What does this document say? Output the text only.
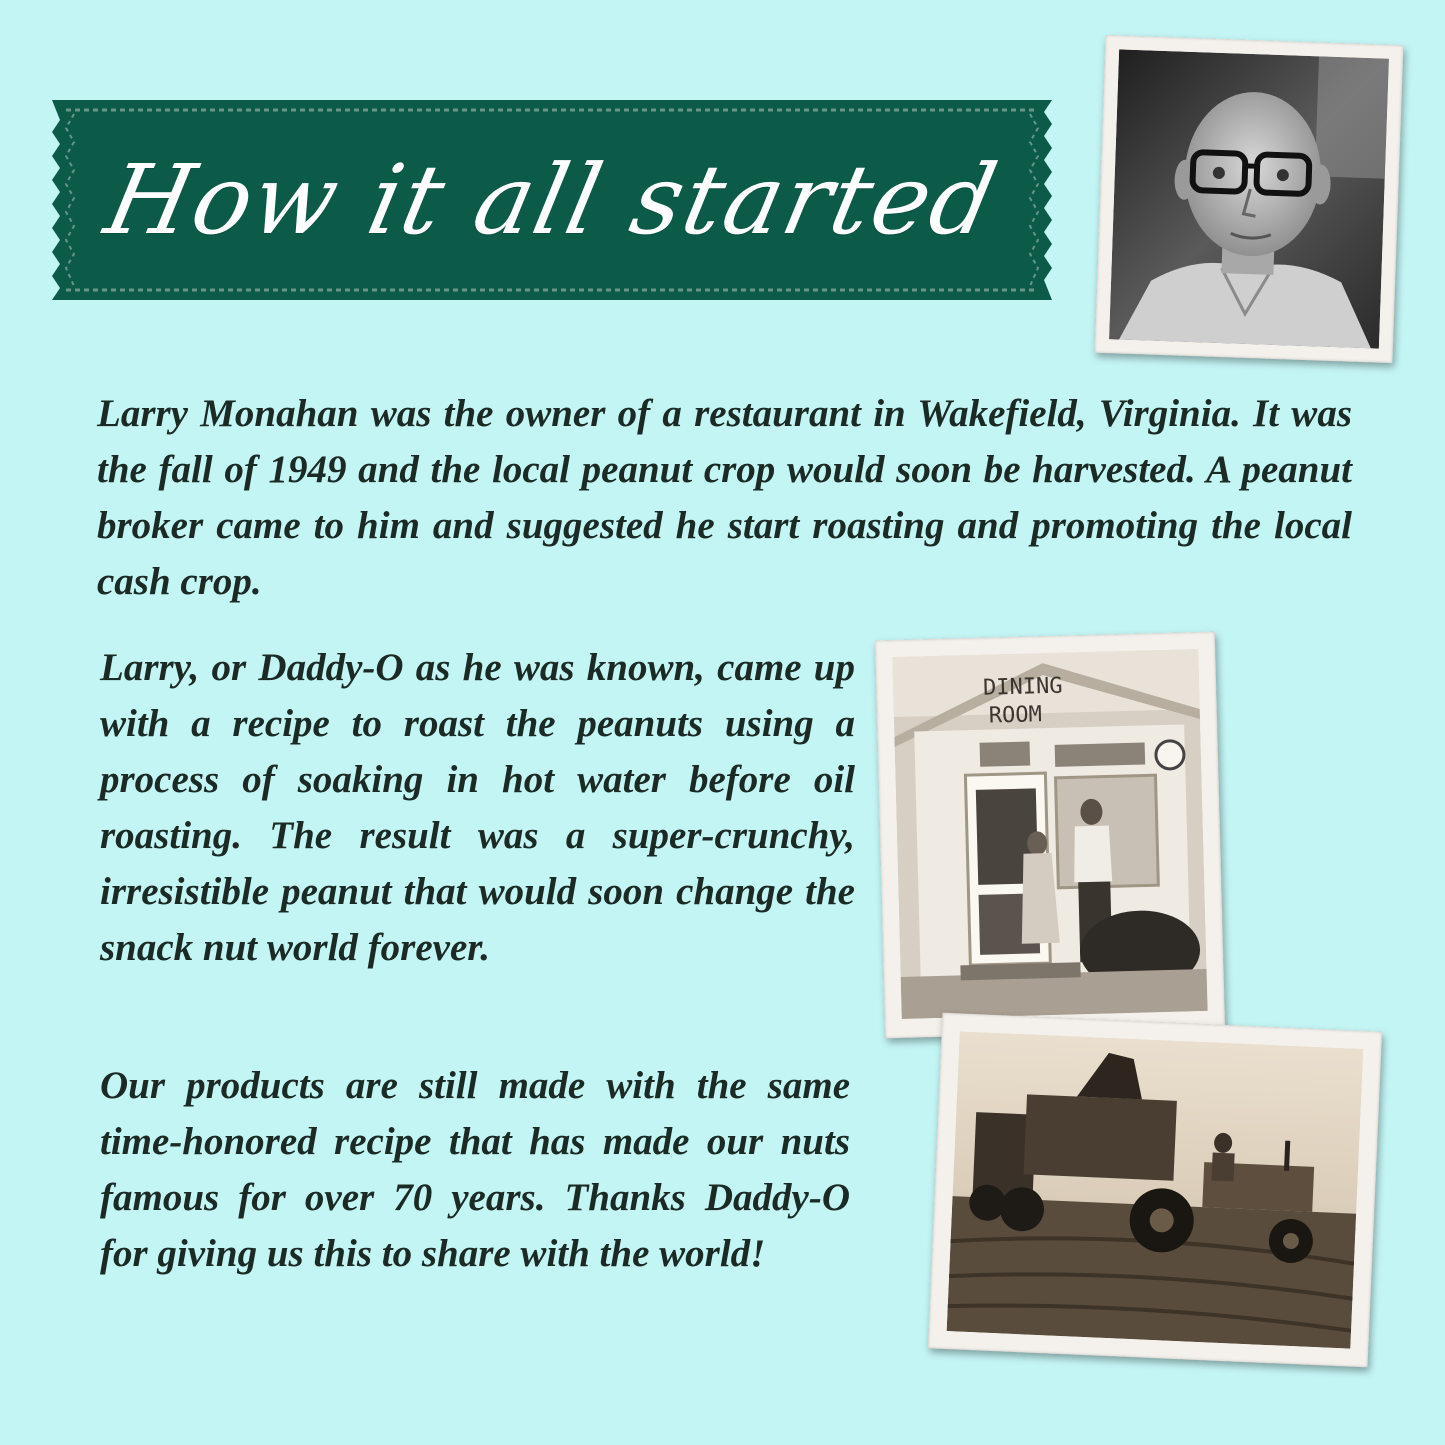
How it all started
Larry Monahan was the owner of a restaurant in Wakefield, Virginia. It was the fall of 1949 and the local peanut crop would soon be harvested. A peanut broker came to him and suggested he start roasting and promoting the local cash crop.
Larry, or Daddy-O as he was known, came up with a recipe to roast the peanuts using a process of soaking in hot water before oil roasting. The result was a super-crunchy, irresistible peanut that would soon change the snack nut world forever.
Our products are still made with the same time-honored recipe that has made our nuts famous for over 70 years. Thanks Daddy-O for giving us this to share with the world!
DINING
ROOM
